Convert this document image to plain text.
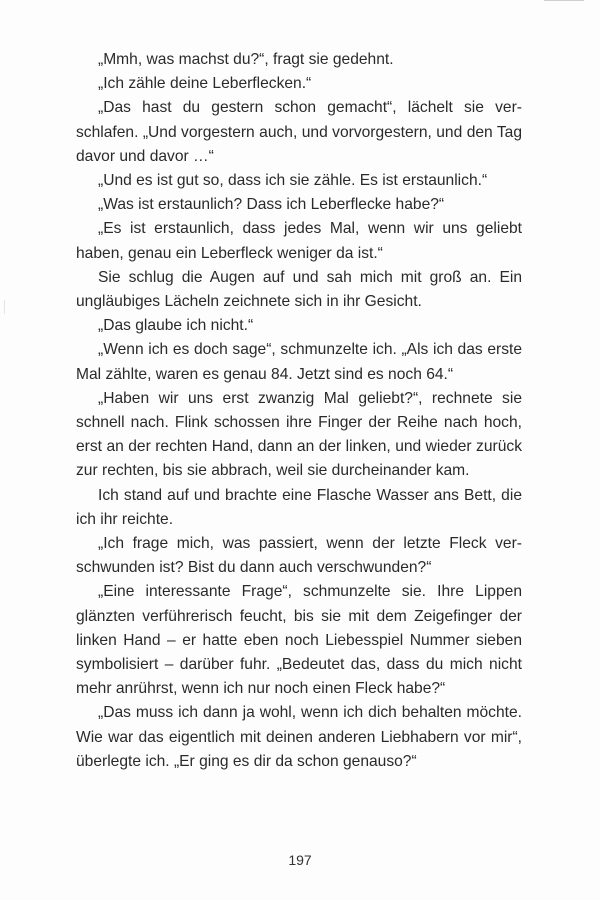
„Mmh, was machst du?“, fragt sie gedehnt.

„Ich zähle deine Leberflecken.“

„Das hast du gestern schon gemacht“, lächelt sie verschlafen. „Und vorgestern auch, und vorvorgestern, und den Tag davor und davor …“

„Und es ist gut so, dass ich sie zähle. Es ist erstaunlich.“

„Was ist erstaunlich? Dass ich Leberflecke habe?“

„Es ist erstaunlich, dass jedes Mal, wenn wir uns geliebt haben, genau ein Leberfleck weniger da ist.“

Sie schlug die Augen auf und sah mich mit groß an. Ein ungläubiges Lächeln zeichnete sich in ihr Gesicht.

„Das glaube ich nicht.“

„Wenn ich es doch sage“, schmunzelte ich. „Als ich das erste Mal zählte, waren es genau 84. Jetzt sind es noch 64.“

„Haben wir uns erst zwanzig Mal geliebt?“, rechnete sie schnell nach. Flink schossen ihre Finger der Reihe nach hoch, erst an der rechten Hand, dann an der linken, und wieder zurück zur rechten, bis sie abbrach, weil sie durcheinander kam.

Ich stand auf und brachte eine Flasche Wasser ans Bett, die ich ihr reichte.

„Ich frage mich, was passiert, wenn der letzte Fleck verschwunden ist? Bist du dann auch verschwunden?“

„Eine interessante Frage“, schmunzelte sie. Ihre Lippen glänzten verführerisch feucht, bis sie mit dem Zeigefinger der linken Hand – er hatte eben noch Liebesspiel Nummer sieben symbolisiert – darüber fuhr. „Bedeutet das, dass du mich nicht mehr anrührst, wenn ich nur noch einen Fleck habe?“

„Das muss ich dann ja wohl, wenn ich dich behalten möchte. Wie war das eigentlich mit deinen anderen Liebhabern vor mir“, überlegte ich. „Er ging es dir da schon genauso?“

197
